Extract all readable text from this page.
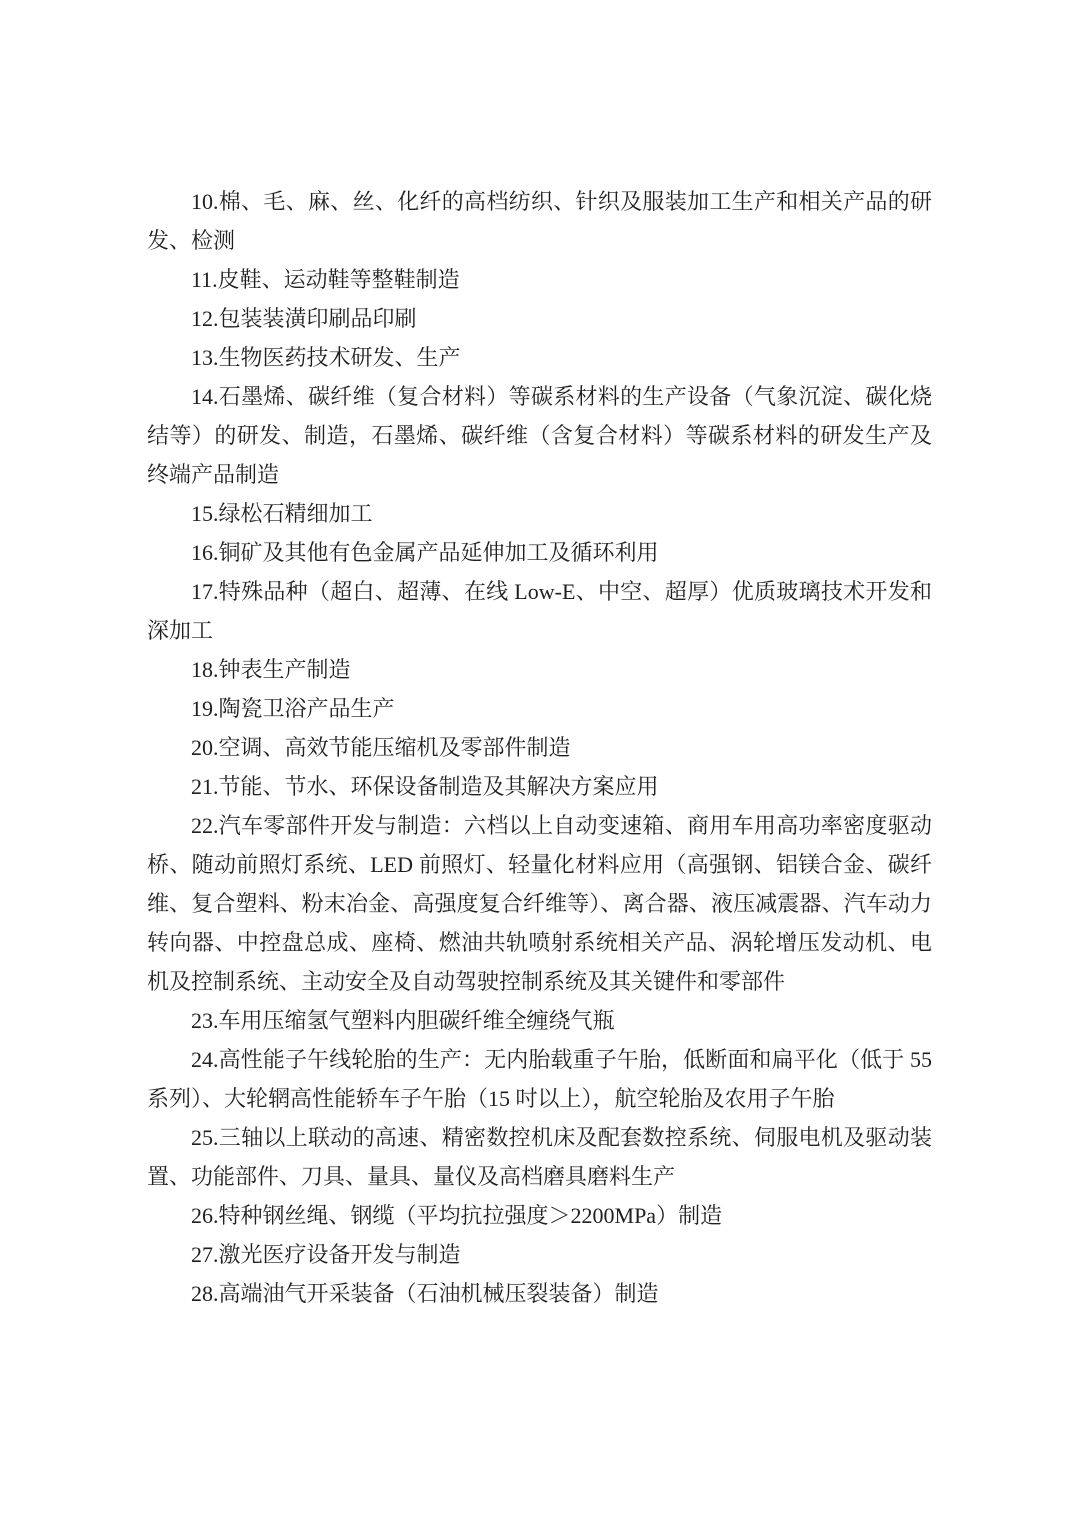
10.棉、毛、麻、丝、化纤的高档纺织、针织及服装加工生产和相关产品的研发、检测

11.皮鞋、运动鞋等整鞋制造

12.包装装潢印刷品印刷

13.生物医药技术研发、生产

14.石墨烯、碳纤维（复合材料）等碳系材料的生产设备（气象沉淀、碳化烧结等）的研发、制造，石墨烯、碳纤维（含复合材料）等碳系材料的研发生产及终端产品制造

15.绿松石精细加工

16.铜矿及其他有色金属产品延伸加工及循环利用

17.特殊品种（超白、超薄、在线 Low-E、中空、超厚）优质玻璃技术开发和深加工

18.钟表生产制造

19.陶瓷卫浴产品生产

20.空调、高效节能压缩机及零部件制造

21.节能、节水、环保设备制造及其解决方案应用

22.汽车零部件开发与制造：六档以上自动变速箱、商用车用高功率密度驱动桥、随动前照灯系统、LED 前照灯、轻量化材料应用（高强钢、铝镁合金、碳纤维、复合塑料、粉末冶金、高强度复合纤维等）、离合器、液压减震器、汽车动力转向器、中控盘总成、座椅、燃油共轨喷射系统相关产品、涡轮增压发动机、电机及控制系统、主动安全及自动驾驶控制系统及其关键件和零部件

23.车用压缩氢气塑料内胆碳纤维全缠绕气瓶

24.高性能子午线轮胎的生产：无内胎载重子午胎，低断面和扁平化（低于 55 系列）、大轮辋高性能轿车子午胎（15 吋以上），航空轮胎及农用子午胎

25.三轴以上联动的高速、精密数控机床及配套数控系统、伺服电机及驱动装置、功能部件、刀具、量具、量仪及高档磨具磨料生产

26.特种钢丝绳、钢缆（平均抗拉强度＞2200MPa）制造

27.激光医疗设备开发与制造

28.高端油气开采装备（石油机械压裂装备）制造
